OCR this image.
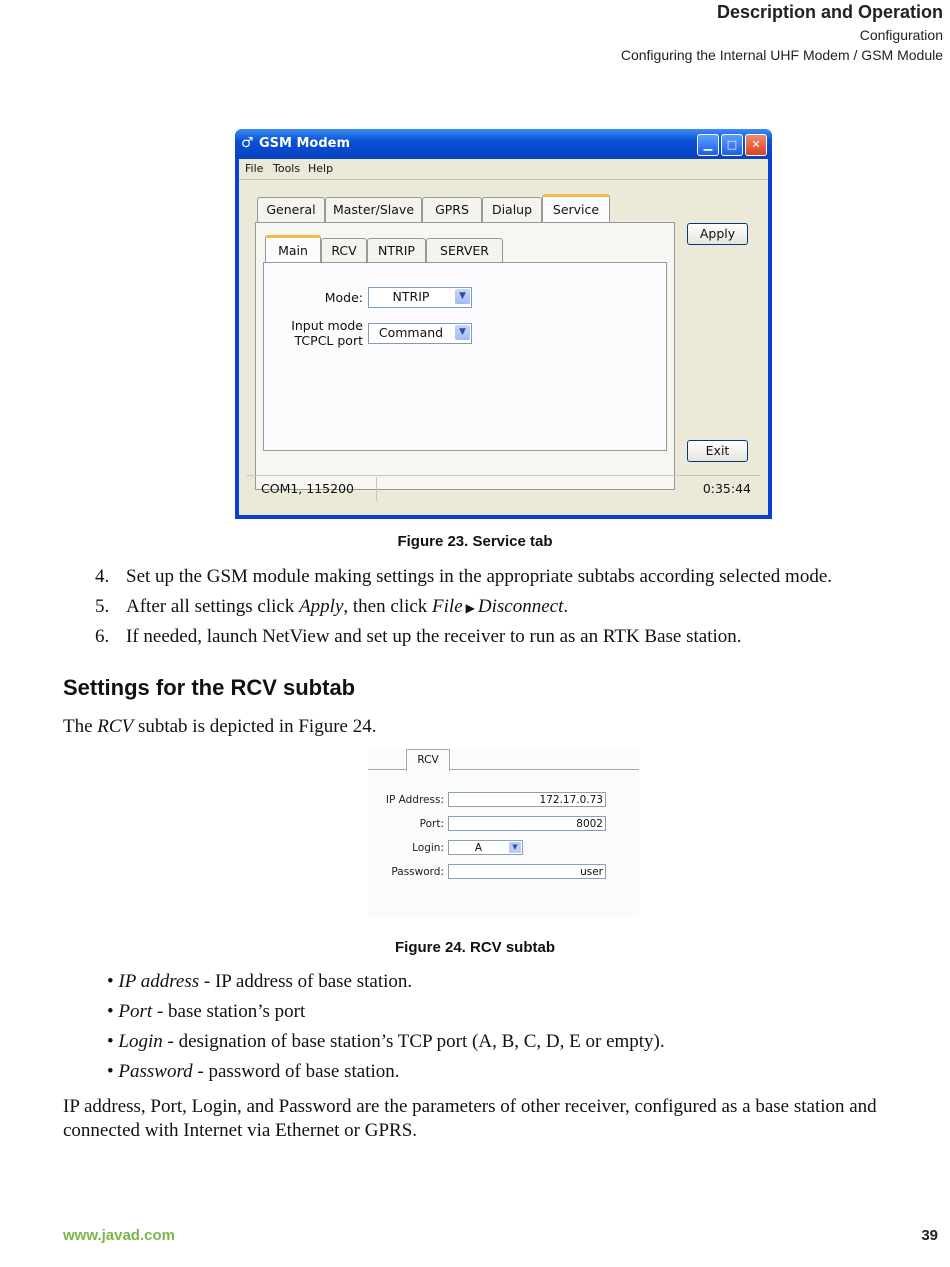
Description and Operation
Configuration
Configuring the Internal UHF Modem / GSM Module
♂ GSM Modem	▁	□	✕
File Tools Help
General	Master/Slave	GPRS	Dialup	Service
Main	RCV	NTRIP	SERVER
Mode:	NTRIP	▼
Input mode
TCPCL port
Command	▼
Apply
Exit
COM1, 115200	0:35:44
Figure 23. Service tab
4. Set up the GSM module making settings in the appropriate subtabs according selected mode.
5. After all settings click Apply, then click File ▶ Disconnect.
6. If needed, launch NetView and set up the receiver to run as an RTK Base station.
Settings for the RCV subtab
The RCV subtab is depicted in Figure 24.
RCV
IP Address:	172.17.0.73
Port:	8002
Login:	A	▼
Password:	user
Figure 24. RCV subtab
• IP address - IP address of base station.
• Port - base station’s port
• Login - designation of base station’s TCP port (A, B, C, D, E or empty).
• Password - password of base station.
IP address, Port, Login, and Password are the parameters of other receiver, configured as a base station and connected with Internet via Ethernet or GPRS.
www.javad.com	39
